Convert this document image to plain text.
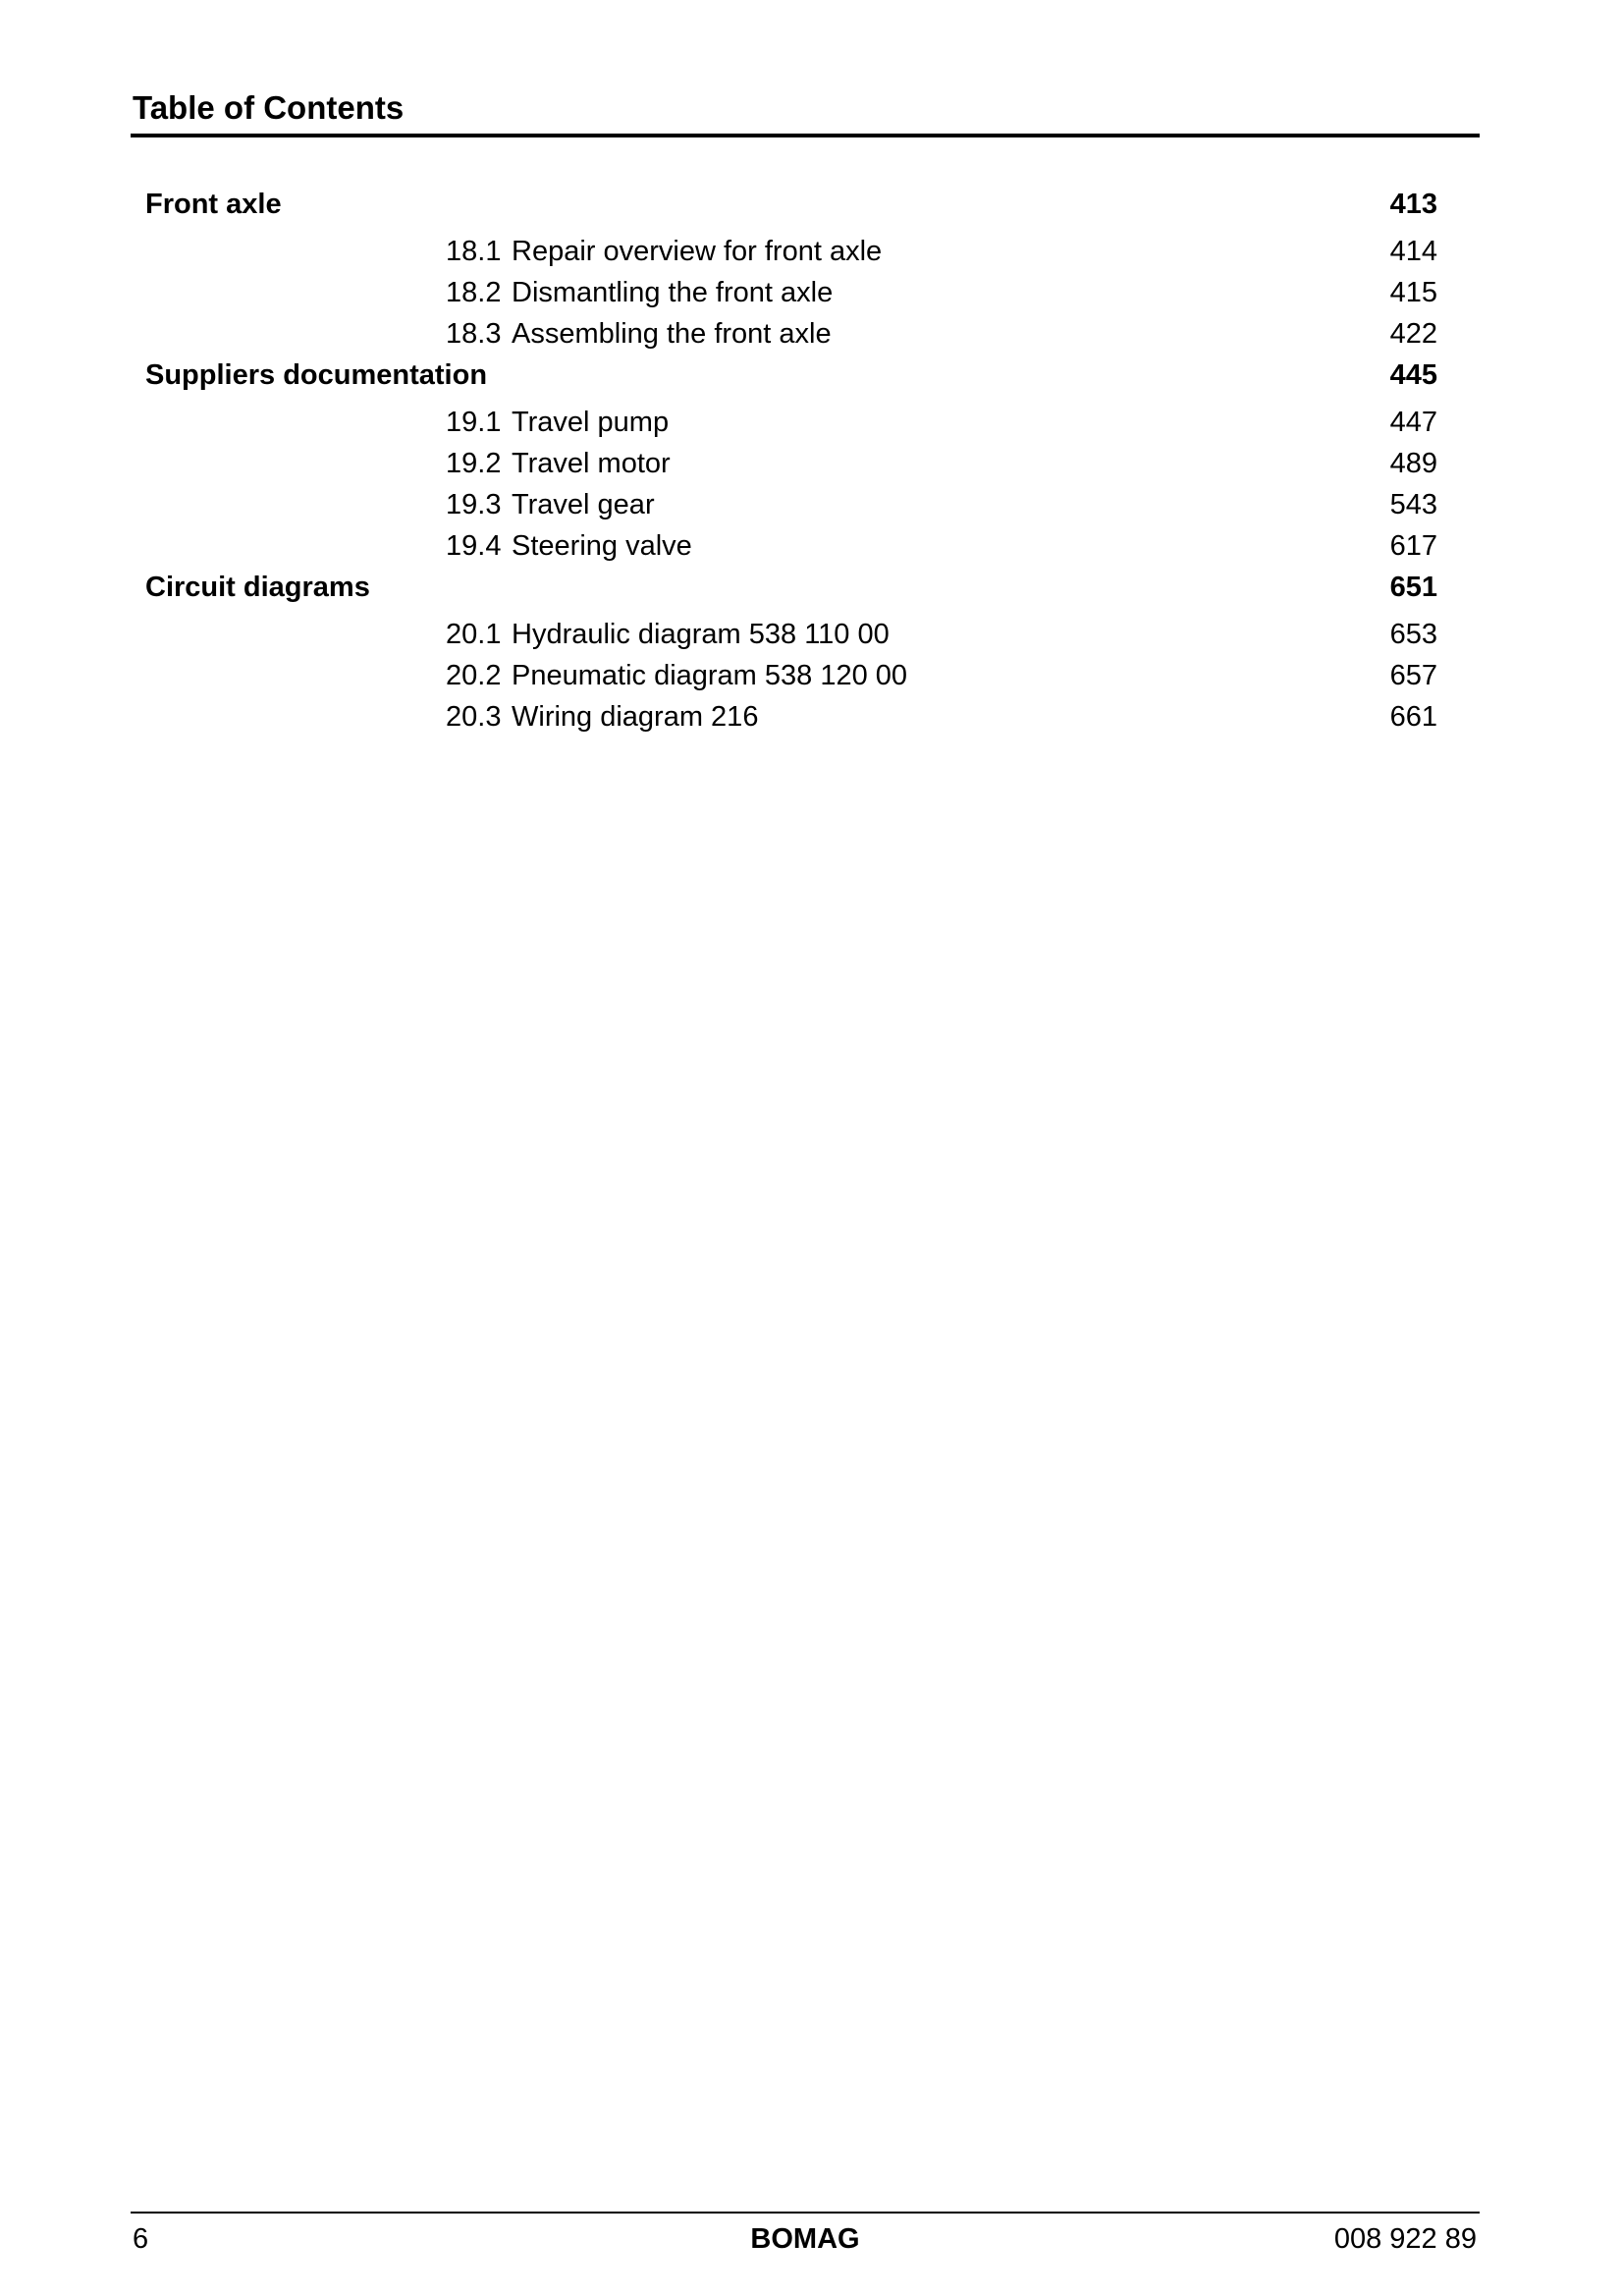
Table of Contents
Front axle	413
18.1 Repair overview for front axle	414
18.2 Dismantling the front axle	415
18.3 Assembling the front axle	422
Suppliers documentation	445
19.1 Travel pump	447
19.2 Travel motor	489
19.3 Travel gear	543
19.4 Steering valve	617
Circuit diagrams	651
20.1 Hydraulic diagram 538 110 00	653
20.2 Pneumatic diagram 538 120 00	657
20.3 Wiring diagram 216	661
6	BOMAG	008 922 89
